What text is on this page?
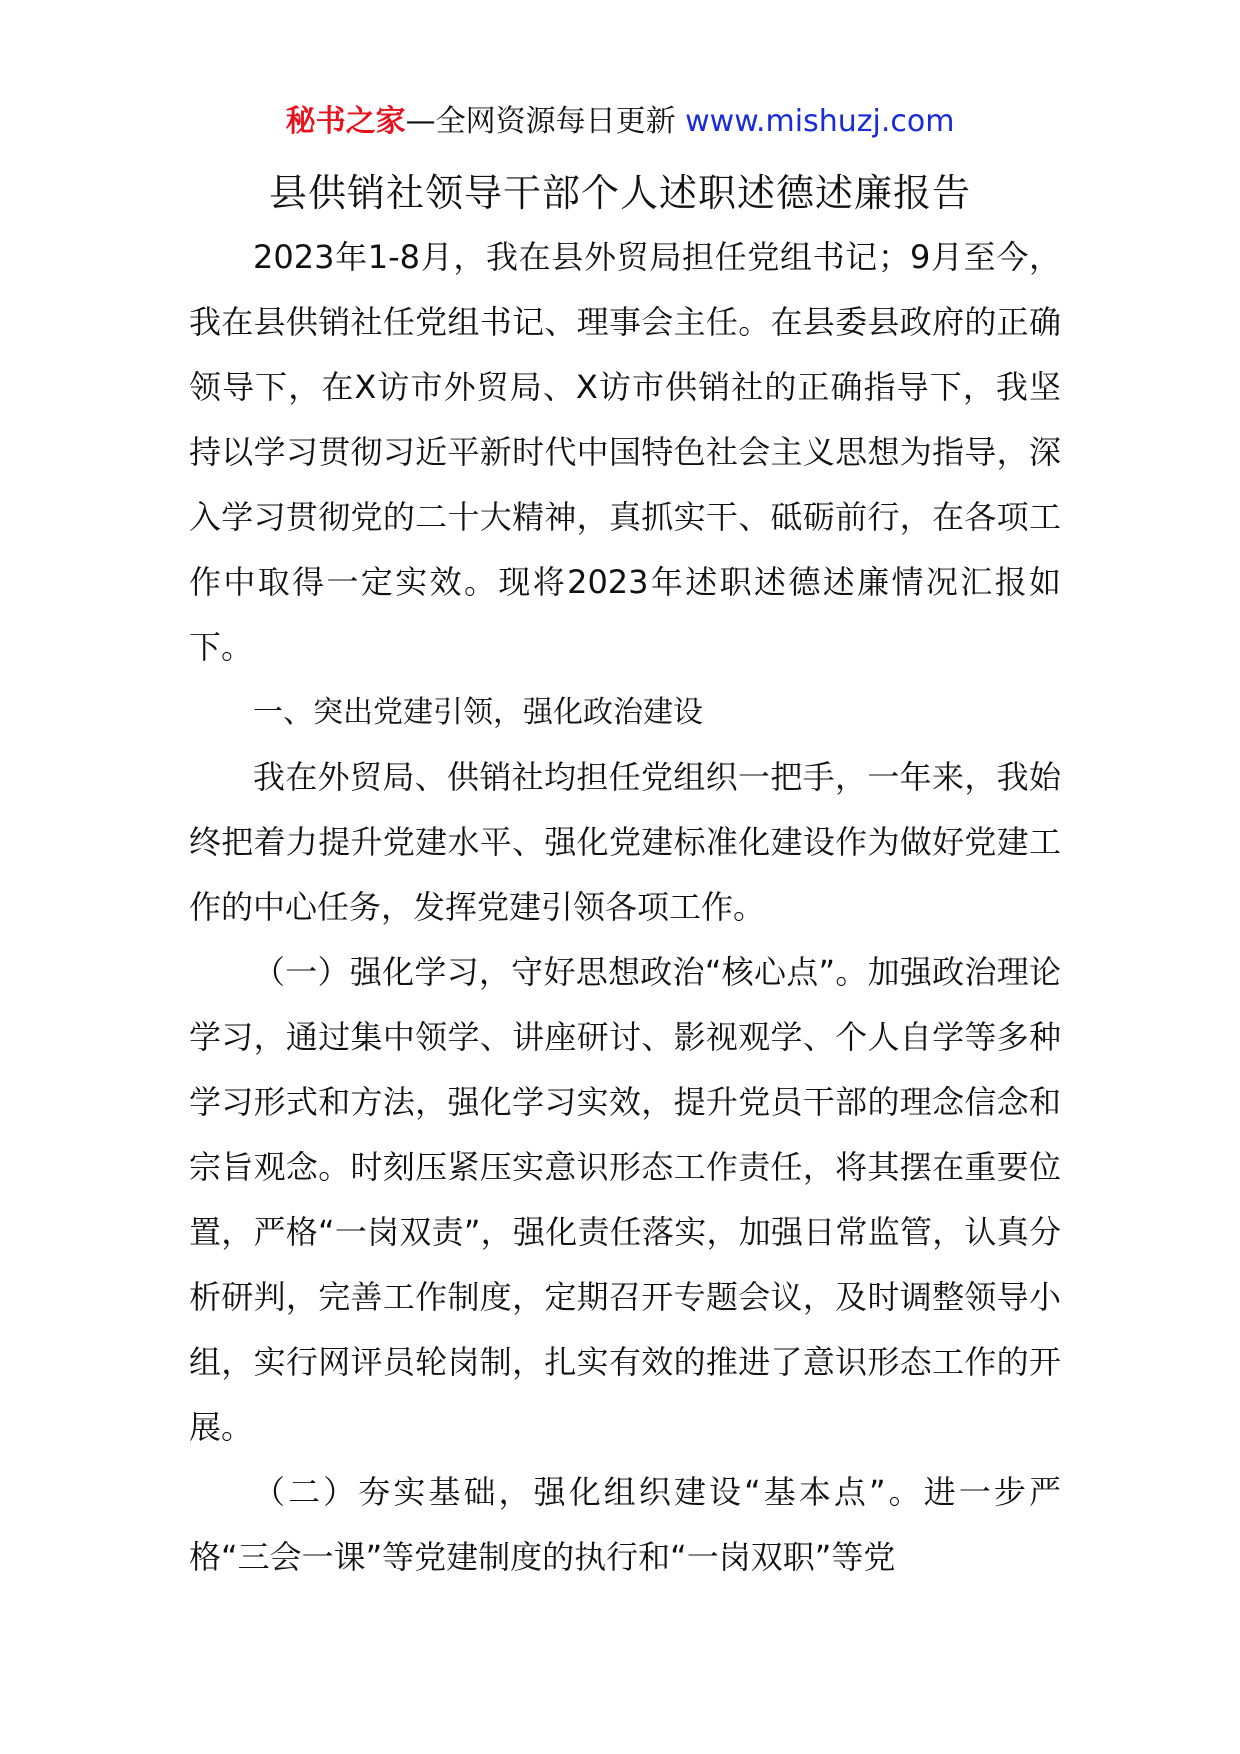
秘书之家—全网资源每日更新 www.mishuzj.com
县供销社领导干部个人述职述德述廉报告

2023年1-8月，我在县外贸局担任党组书记；9月至今，我在县供销社任党组书记、理事会主任。在县委县政府的正确领导下，在X访市外贸局、X访市供销社的正确指导下，我坚持以学习贯彻习近平新时代中国特色社会主义思想为指导，深入学习贯彻党的二十大精神，真抓实干、砥砺前行，在各项工作中取得一定实效。现将2023年述职述德述廉情况汇报如下。

一、突出党建引领，强化政治建设

我在外贸局、供销社均担任党组织一把手，一年来，我始终把着力提升党建水平、强化党建标准化建设作为做好党建工作的中心任务，发挥党建引领各项工作。

（一）强化学习，守好思想政治“核心点”。加强政治理论学习，通过集中领学、讲座研讨、影视观学、个人自学等多种学习形式和方法，强化学习实效，提升党员干部的理念信念和宗旨观念。时刻压紧压实意识形态工作责任，将其摆在重要位置，严格“一岗双责”，强化责任落实，加强日常监管，认真分析研判，完善工作制度，定期召开专题会议，及时调整领导小组，实行网评员轮岗制，扎实有效的推进了意识形态工作的开展。

（二）夯实基础，强化组织建设“基本点”。进一步严格“三会一课”等党建制度的执行和“一岗双职”等党
